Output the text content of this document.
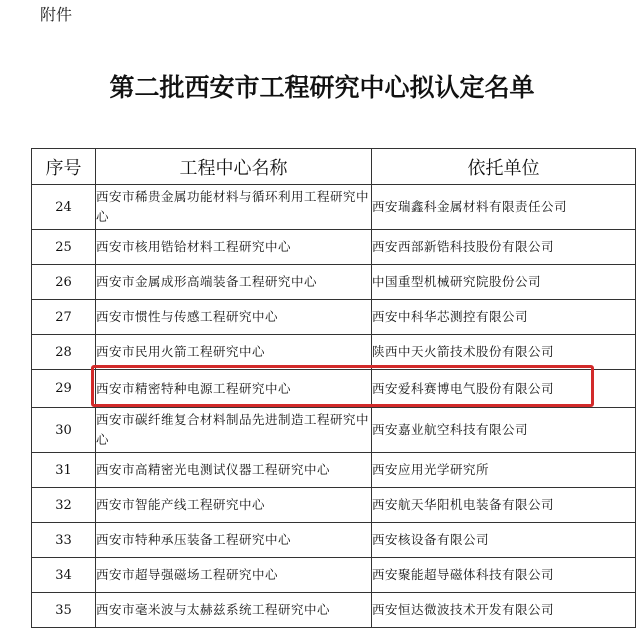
附件
第二批西安市工程研究中心拟认定名单
序号	工程中心名称	依托单位
24	西安市稀贵金属功能材料与循环利用工程研究中心	西安瑞鑫科金属材料有限责任公司
25	西安市核用锆铪材料工程研究中心	西安西部新锆科技股份有限公司
26	西安市金属成形高端装备工程研究中心	中国重型机械研究院股份公司
27	西安市惯性与传感工程研究中心	西安中科华芯测控有限公司
28	西安市民用火箭工程研究中心	陕西中天火箭技术股份有限公司
29	西安市精密特种电源工程研究中心	西安爱科赛博电气股份有限公司
30	西安市碳纤维复合材料制品先进制造工程研究中心	西安嘉业航空科技有限公司
31	西安市高精密光电测试仪器工程研究中心	西安应用光学研究所
32	西安市智能产线工程研究中心	西安航天华阳机电装备有限公司
33	西安市特种承压装备工程研究中心	西安核设备有限公司
34	西安市超导强磁场工程研究中心	西安聚能超导磁体科技有限公司
35	西安市毫米波与太赫兹系统工程研究中心	西安恒达微波技术开发有限公司
